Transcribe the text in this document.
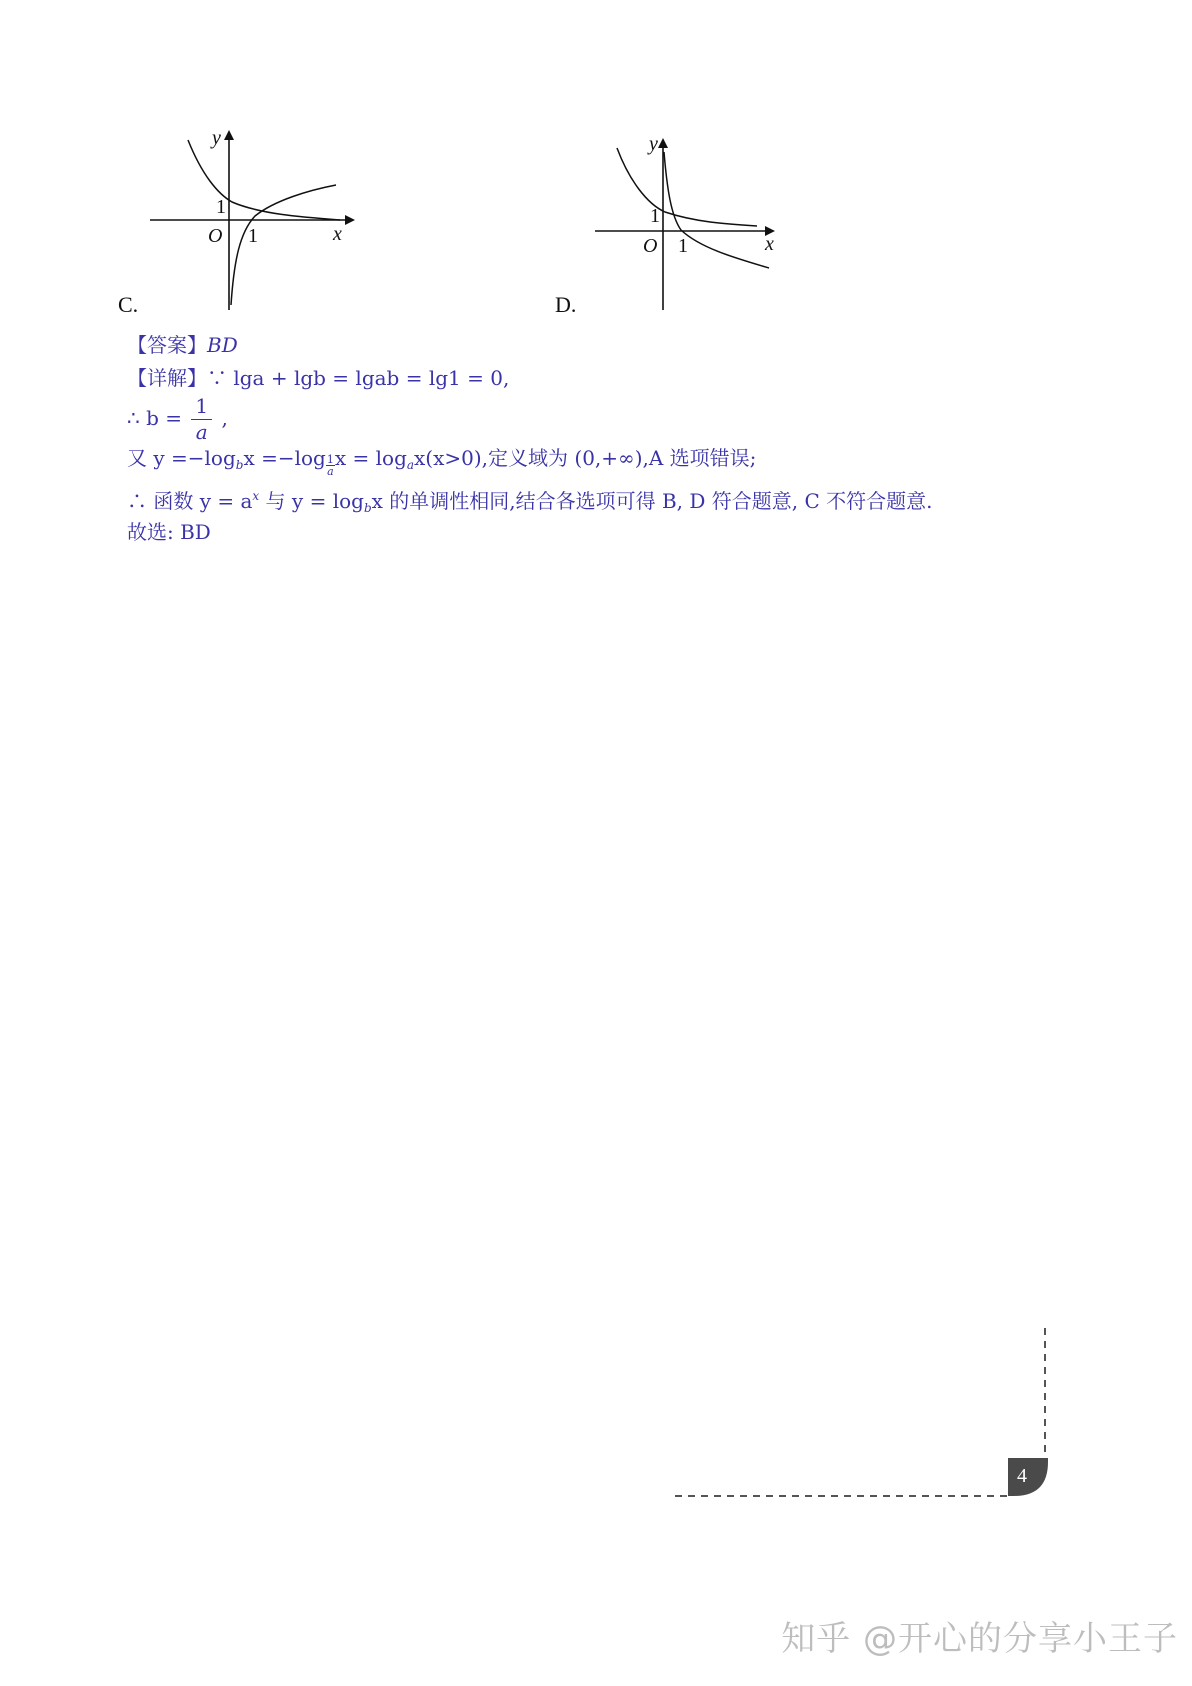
y
x
O
1
1
C.
y
x
O
1
1
D.
【答案】BD
【详解】∵ lga + lgb = lgab = lg1 = 0,
∴ $b = \frac{1}{a}$ ,
又 $y =-\log_bx =-\log \frac{1}{a}$ $x = \log_ax(x>0)$,定义域为 (0,+∞),A 选项错误;
∴ 函数 $y = a^x$ 与 $y = \log_bx$ 的单调性相同,结合各选项可得 B, D 符合题意, C 不符合题意.
故选: BD
4
知乎 @开心的分享小王子
